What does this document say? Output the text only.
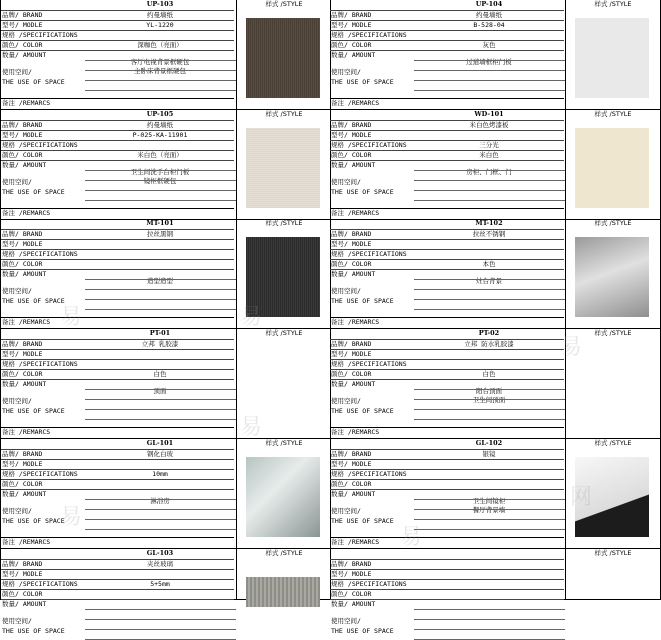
UP-103	样式 /STYLE
品牌/ BRAND	约曼墙纸
型号/ MODLE	YL-1220
规格 /SPECIFICATIONS
颜色/ COLOR	深咖色（亮面）
数量/ AMOUNT
使用空间/
THE USE OF SPACE
客厅电视背景框硬包
主卧床背景框硬包
备注 /REMARCS
UP-104	样式 /STYLE
品牌/ BRAND	约曼墙纸
型号/ MODLE	B-528-04
规格 /SPECIFICATIONS
颜色/ COLOR	灰色
数量/ AMOUNT
使用空间/
THE USE OF SPACE
过道墙框柜门板
备注 /REMARCS
UP-105	样式 /STYLE
品牌/ BRAND	约曼墙纸
型号/ MODLE	P-025-KA-11901
规格 /SPECIFICATIONS
颜色/ COLOR	米白色（亮面）
数量/ AMOUNT
使用空间/
THE USE OF SPACE
卫生间洗手台柜门板
镜柜框硬包
备注 /REMARCS
WD-101	样式 /STYLE
品牌/ BRAND	米白色烤漆板
型号/ MODLE
规格 /SPECIFICATIONS	三分光
颜色/ COLOR	米白色
数量/ AMOUNT
使用空间/
THE USE OF SPACE
房柜、门框、门
备注 /REMARCS
MT-101	样式 /STYLE
品牌/ BRAND	拉丝黑钢
型号/ MODLE
规格 /SPECIFICATIONS
颜色/ COLOR
数量/ AMOUNT
使用空间/
THE USE OF SPACE
造型造型
备注 /REMARCS
MT-102	样式 /STYLE
品牌/ BRAND	拉丝不锈钢
型号/ MODLE
规格 /SPECIFICATIONS
颜色/ COLOR	本色
数量/ AMOUNT
使用空间/
THE USE OF SPACE
灶台背景
备注 /REMARCS
PT-01	样式 /STYLE
品牌/ BRAND	立邦 乳胶漆
型号/ MODLE
规格 /SPECIFICATIONS
颜色/ COLOR	白色
数量/ AMOUNT
使用空间/
THE USE OF SPACE
顶面
备注 /REMARCS
PT-02	样式 /STYLE
品牌/ BRAND	立邦 防水乳胶漆
型号/ MODLE
规格 /SPECIFICATIONS
颜色/ COLOR	白色
数量/ AMOUNT
使用空间/
THE USE OF SPACE
阳台顶面
卫生间顶面
备注 /REMARCS
GL-101	样式 /STYLE
品牌/ BRAND	钢化白玻
型号/ MODLE
规格 /SPECIFICATIONS	10mm
颜色/ COLOR
数量/ AMOUNT
使用空间/
THE USE OF SPACE
淋浴房
备注 /REMARCS
GL-102	样式 /STYLE
品牌/ BRAND	银镜
型号/ MODLE
规格 /SPECIFICATIONS
颜色/ COLOR
数量/ AMOUNT
使用空间/
THE USE OF SPACE
卫生间镜柜
餐厅背景墙
备注 /REMARCS
GL-103	样式 /STYLE
品牌/ BRAND	夹丝玻璃
型号/ MODLE
规格 /SPECIFICATIONS	5+5mm
颜色/ COLOR
数量/ AMOUNT
使用空间/
THE USE OF SPACE
样式 /STYLE
品牌/ BRAND
型号/ MODLE
规格 /SPECIFICATIONS
颜色/ COLOR
数量/ AMOUNT
使用空间/
THE USE OF SPACE
易
易
易
易
易
易
网
